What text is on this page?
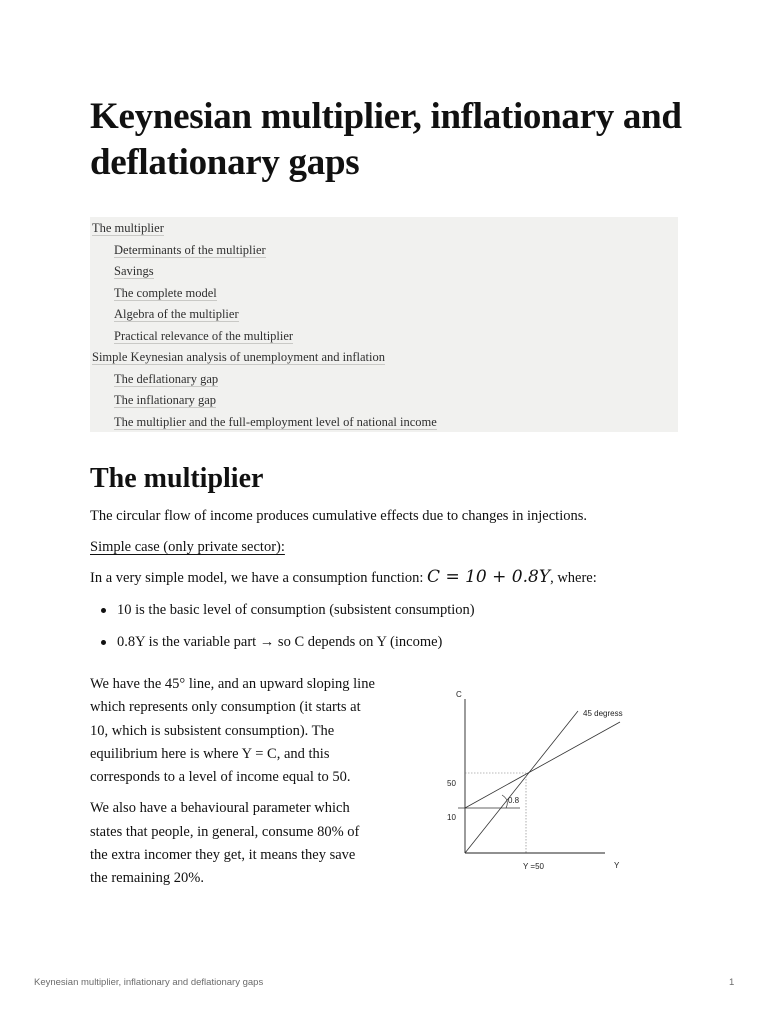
Keynesian multiplier, inflationary and deflationary gaps
The multiplier
Determinants of the multiplier
Savings
The complete model
Algebra of the multiplier
Practical relevance of the multiplier
Simple Keynesian analysis of unemployment and inflation
The deflationary gap
The inflationary gap
The multiplier and the full-employment level of national income
The multiplier

The circular flow of income produces cumulative effects due to changes in injections.

Simple case (only private sector):

In a very simple model, we have a consumption function: C = 10 + 0.8Y, where:

10 is the basic level of consumption (subsistent consumption)
0.8Y is the variable part → so C depends on Y (income)

We have the 45° line, and an upward sloping line which represents only consumption (it starts at 10, which is subsistent consumption). The equilibrium here is where Y = C, and this corresponds to a level of income equal to 50.

We also have a behavioural parameter which states that people, in general, consume 80% of the extra incomer they get, it means they save the remaining 20%.

C
Y
45 degress
50
10
0.8
Y =50
Keynesian multiplier, inflationary and deflationary gaps	1
